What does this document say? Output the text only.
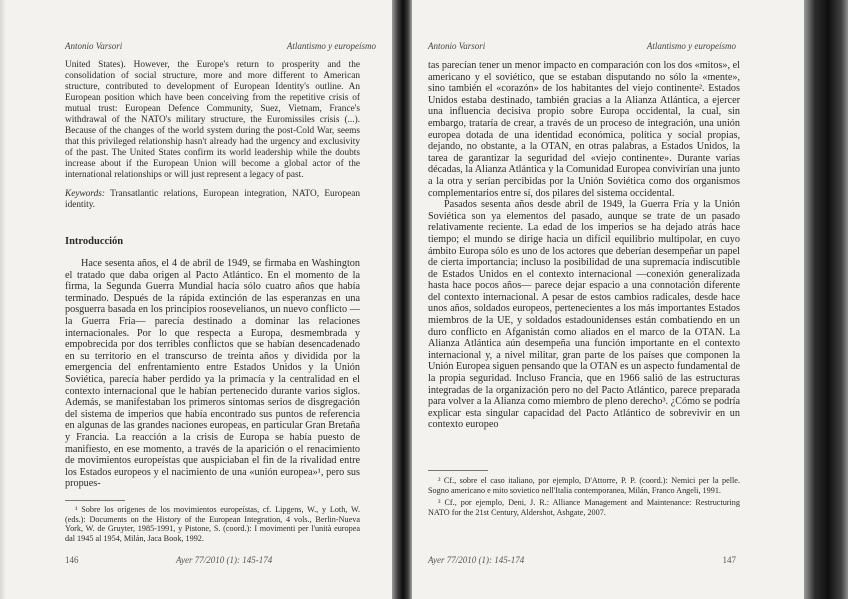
Antonio Varsori	Atlantismo y europeísmo

United States). However, the Europe's return to prosperity and the consolidation of social structure, more and more different to American structure, contributed to development of European Identity's outline. An European position which have been conceiving from the repetitive crisis of mutual trust: European Defence Community, Suez, Vietnam, France's withdrawal of the NATO's military structure, the Euromissiles crisis (...). Because of the changes of the world system during the post-Cold War, seems that this privileged relationship hasn't already had the urgency and exclusivity of the past. The United States confirm its world leadership while the doubts increase about if the European Union will become a global actor of the international relationships or will just represent a legacy of past.

Keywords: Transatlantic relations, European integration, NATO, European identity.

Introducción

Hace sesenta años, el 4 de abril de 1949, se firmaba en Washington el tratado que daba origen al Pacto Atlántico. En el momento de la firma, la Segunda Guerra Mundial hacía sólo cuatro años que había terminado. Después de la rápida extinción de las esperanzas en una posguerra basada en los principios roosevelianos, un nuevo conflicto —la Guerra Fría— parecía destinado a dominar las relaciones internacionales. Por lo que respecta a Europa, desmembrada y empobrecida por dos terribles conflictos que se habían desencadenado en su territorio en el transcurso de treinta años y dividida por la emergencia del enfrentamiento entre Estados Unidos y la Unión Soviética, parecía haber perdido ya la primacía y la centralidad en el contexto internacional que le habían pertenecido durante varios siglos. Además, se manifestaban los primeros síntomas serios de disgregación del sistema de imperios que había encontrado sus puntos de referencia en algunas de las grandes naciones europeas, en particular Gran Bretaña y Francia. La reacción a la crisis de Europa se había puesto de manifiesto, en ese momento, a través de la aparición o el renacimiento de movimientos europeístas que auspiciaban el fin de la rivalidad entre los Estados europeos y el nacimiento de una «unión europea»¹, pero sus propues-

¹ Sobre los orígenes de los movimientos europeístas, cf. Lipgens, W., y Loth, W. (eds.): Documents on the History of the European Integration, 4 vols., Berlin-Nueva York, W. de Gruyter, 1985-1991, y Pistone, S. (coord.): I movimenti per l'unità europea dal 1945 al 1954, Milán, Jaca Book, 1992.

146	Ayer 77/2010 (1): 145-174
Antonio Varsori	Atlantismo y europeísmo

tas parecían tener un menor impacto en comparación con los dos «mitos», el americano y el soviético, que se estaban disputando no sólo la «mente», sino también el «corazón» de los habitantes del viejo continente². Estados Unidos estaba destinado, también gracias a la Alianza Atlántica, a ejercer una influencia decisiva propio sobre Europa occidental, la cual, sin embargo, trataría de crear, a través de un proceso de integración, una unión europea dotada de una identidad económica, política y social propias, dejando, no obstante, a la OTAN, en otras palabras, a Estados Unidos, la tarea de garantizar la seguridad del «viejo continente». Durante varias décadas, la Alianza Atlántica y la Comunidad Europea convivirían una junto a la otra y serían percibidas por la Unión Soviética como dos organismos complementarios entre sí, dos pilares del sistema occidental.

Pasados sesenta años desde abril de 1949, la Guerra Fría y la Unión Soviética son ya elementos del pasado, aunque se trate de un pasado relativamente reciente. La edad de los imperios se ha dejado atrás hace tiempo; el mundo se dirige hacia un difícil equilibrio multipolar, en cuyo ámbito Europa sólo es uno de los actores que deberían desempeñar un papel de cierta importancia; incluso la posibilidad de una supremacía indiscutible de Estados Unidos en el contexto internacional —conexión generalizada hasta hace pocos años— parece dejar espacio a una connotación diferente del contexto internacional. A pesar de estos cambios radicales, desde hace unos años, soldados europeos, pertenecientes a los más importantes Estados miembros de la UE, y soldados estadounidenses están combatiendo en un duro conflicto en Afganistán como aliados en el marco de la OTAN. La Alianza Atlántica aún desempeña una función importante en el contexto internacional y, a nivel militar, gran parte de los países que componen la Unión Europea siguen pensando que la OTAN es un aspecto fundamental de la propia seguridad. Incluso Francia, que en 1966 salió de las estructuras integradas de la organización pero no del Pacto Atlántico, parece preparada para volver a la Alianza como miembro de pleno derecho³. ¿Cómo se podría explicar esta singular capacidad del Pacto Atlántico de sobrevivir en un contexto europeo

² Cf., sobre el caso italiano, por ejemplo, D'Attorre, P. P. (coord.): Nemici per la pelle. Sogno americano e mito sovietico nell'Italia contemporanea, Milán, Franco Angeli, 1991.

³ Cf., por ejemplo, Deni, J. R.: Alliance Management and Maintenance: Restructuring NATO for the 21st Century, Aldershot, Ashgate, 2007.

Ayer 77/2010 (1): 145-174	147
